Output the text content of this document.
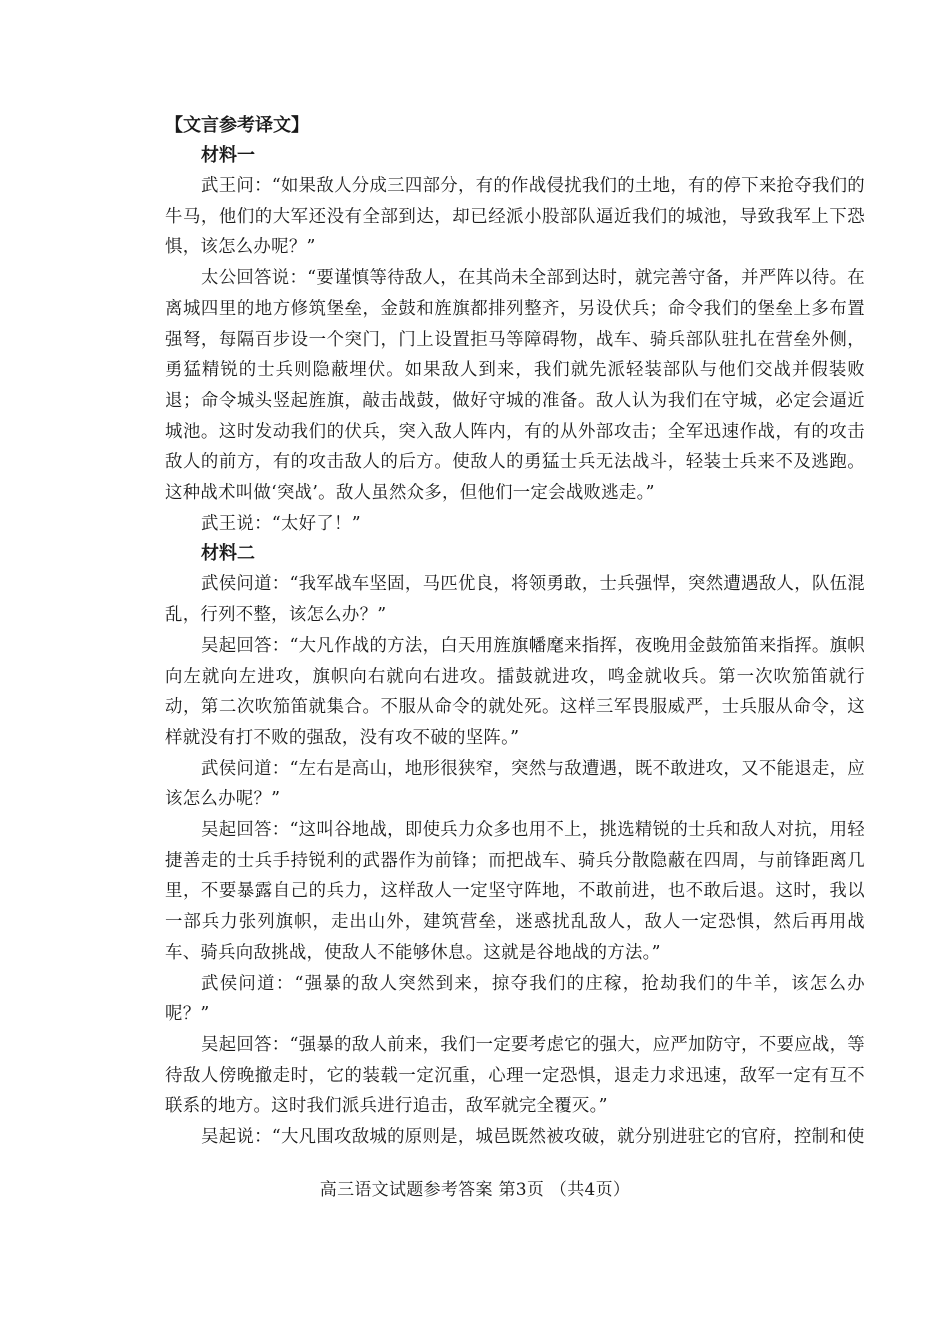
【文言参考译文】
材料一

武王问：“如果敌人分成三四部分，有的作战侵扰我们的土地，有的停下来抢夺我们的牛马，他们的大军还没有全部到达，却已经派小股部队逼近我们的城池，导致我军上下恐惧，该怎么办呢？”

太公回答说：“要谨慎等待敌人，在其尚未全部到达时，就完善守备，并严阵以待。在离城四里的地方修筑堡垒，金鼓和旌旗都排列整齐，另设伏兵；命令我们的堡垒上多布置强弩，每隔百步设一个突门，门上设置拒马等障碍物，战车、骑兵部队驻扎在营垒外侧，勇猛精锐的士兵则隐蔽埋伏。如果敌人到来，我们就先派轻装部队与他们交战并假装败退；命令城头竖起旌旗，敲击战鼓，做好守城的准备。敌人认为我们在守城，必定会逼近城池。这时发动我们的伏兵，突入敌人阵内，有的从外部攻击；全军迅速作战，有的攻击敌人的前方，有的攻击敌人的后方。使敌人的勇猛士兵无法战斗，轻装士兵来不及逃跑。这种战术叫做‘突战’。敌人虽然众多，但他们一定会战败逃走。”

武王说：“太好了！”

材料二

武侯问道：“我军战车坚固，马匹优良，将领勇敢，士兵强悍，突然遭遇敌人，队伍混乱，行列不整，该怎么办？”

吴起回答：“大凡作战的方法，白天用旌旗幡麾来指挥，夜晚用金鼓笳笛来指挥。旗帜向左就向左进攻，旗帜向右就向右进攻。擂鼓就进攻，鸣金就收兵。第一次吹笳笛就行动，第二次吹笳笛就集合。不服从命令的就处死。这样三军畏服威严，士兵服从命令，这样就没有打不败的强敌，没有攻不破的坚阵。”

武侯问道：“左右是高山，地形很狭窄，突然与敌遭遇，既不敢进攻，又不能退走，应该怎么办呢？”

吴起回答：“这叫谷地战，即使兵力众多也用不上，挑选精锐的士兵和敌人对抗，用轻捷善走的士兵手持锐利的武器作为前锋；而把战车、骑兵分散隐蔽在四周，与前锋距离几里，不要暴露自己的兵力，这样敌人一定坚守阵地，不敢前进，也不敢后退。这时，我以一部兵力张列旗帜，走出山外，建筑营垒，迷惑扰乱敌人，敌人一定恐惧，然后再用战车、骑兵向敌挑战，使敌人不能够休息。这就是谷地战的方法。”

武侯问道：“强暴的敌人突然到来，掠夺我们的庄稼，抢劫我们的牛羊，该怎么办呢？”

吴起回答：“强暴的敌人前来，我们一定要考虑它的强大，应严加防守，不要应战，等待敌人傍晚撤走时，它的装载一定沉重，心理一定恐惧，退走力求迅速，敌军一定有互不联系的地方。这时我们派兵进行追击，敌军就完全覆灭。”

吴起说：“大凡围攻敌城的原则是，城邑既然被攻破，就分别进驻它的官府，控制和使

高三语文试题参考答案 第3页 （共4页）
